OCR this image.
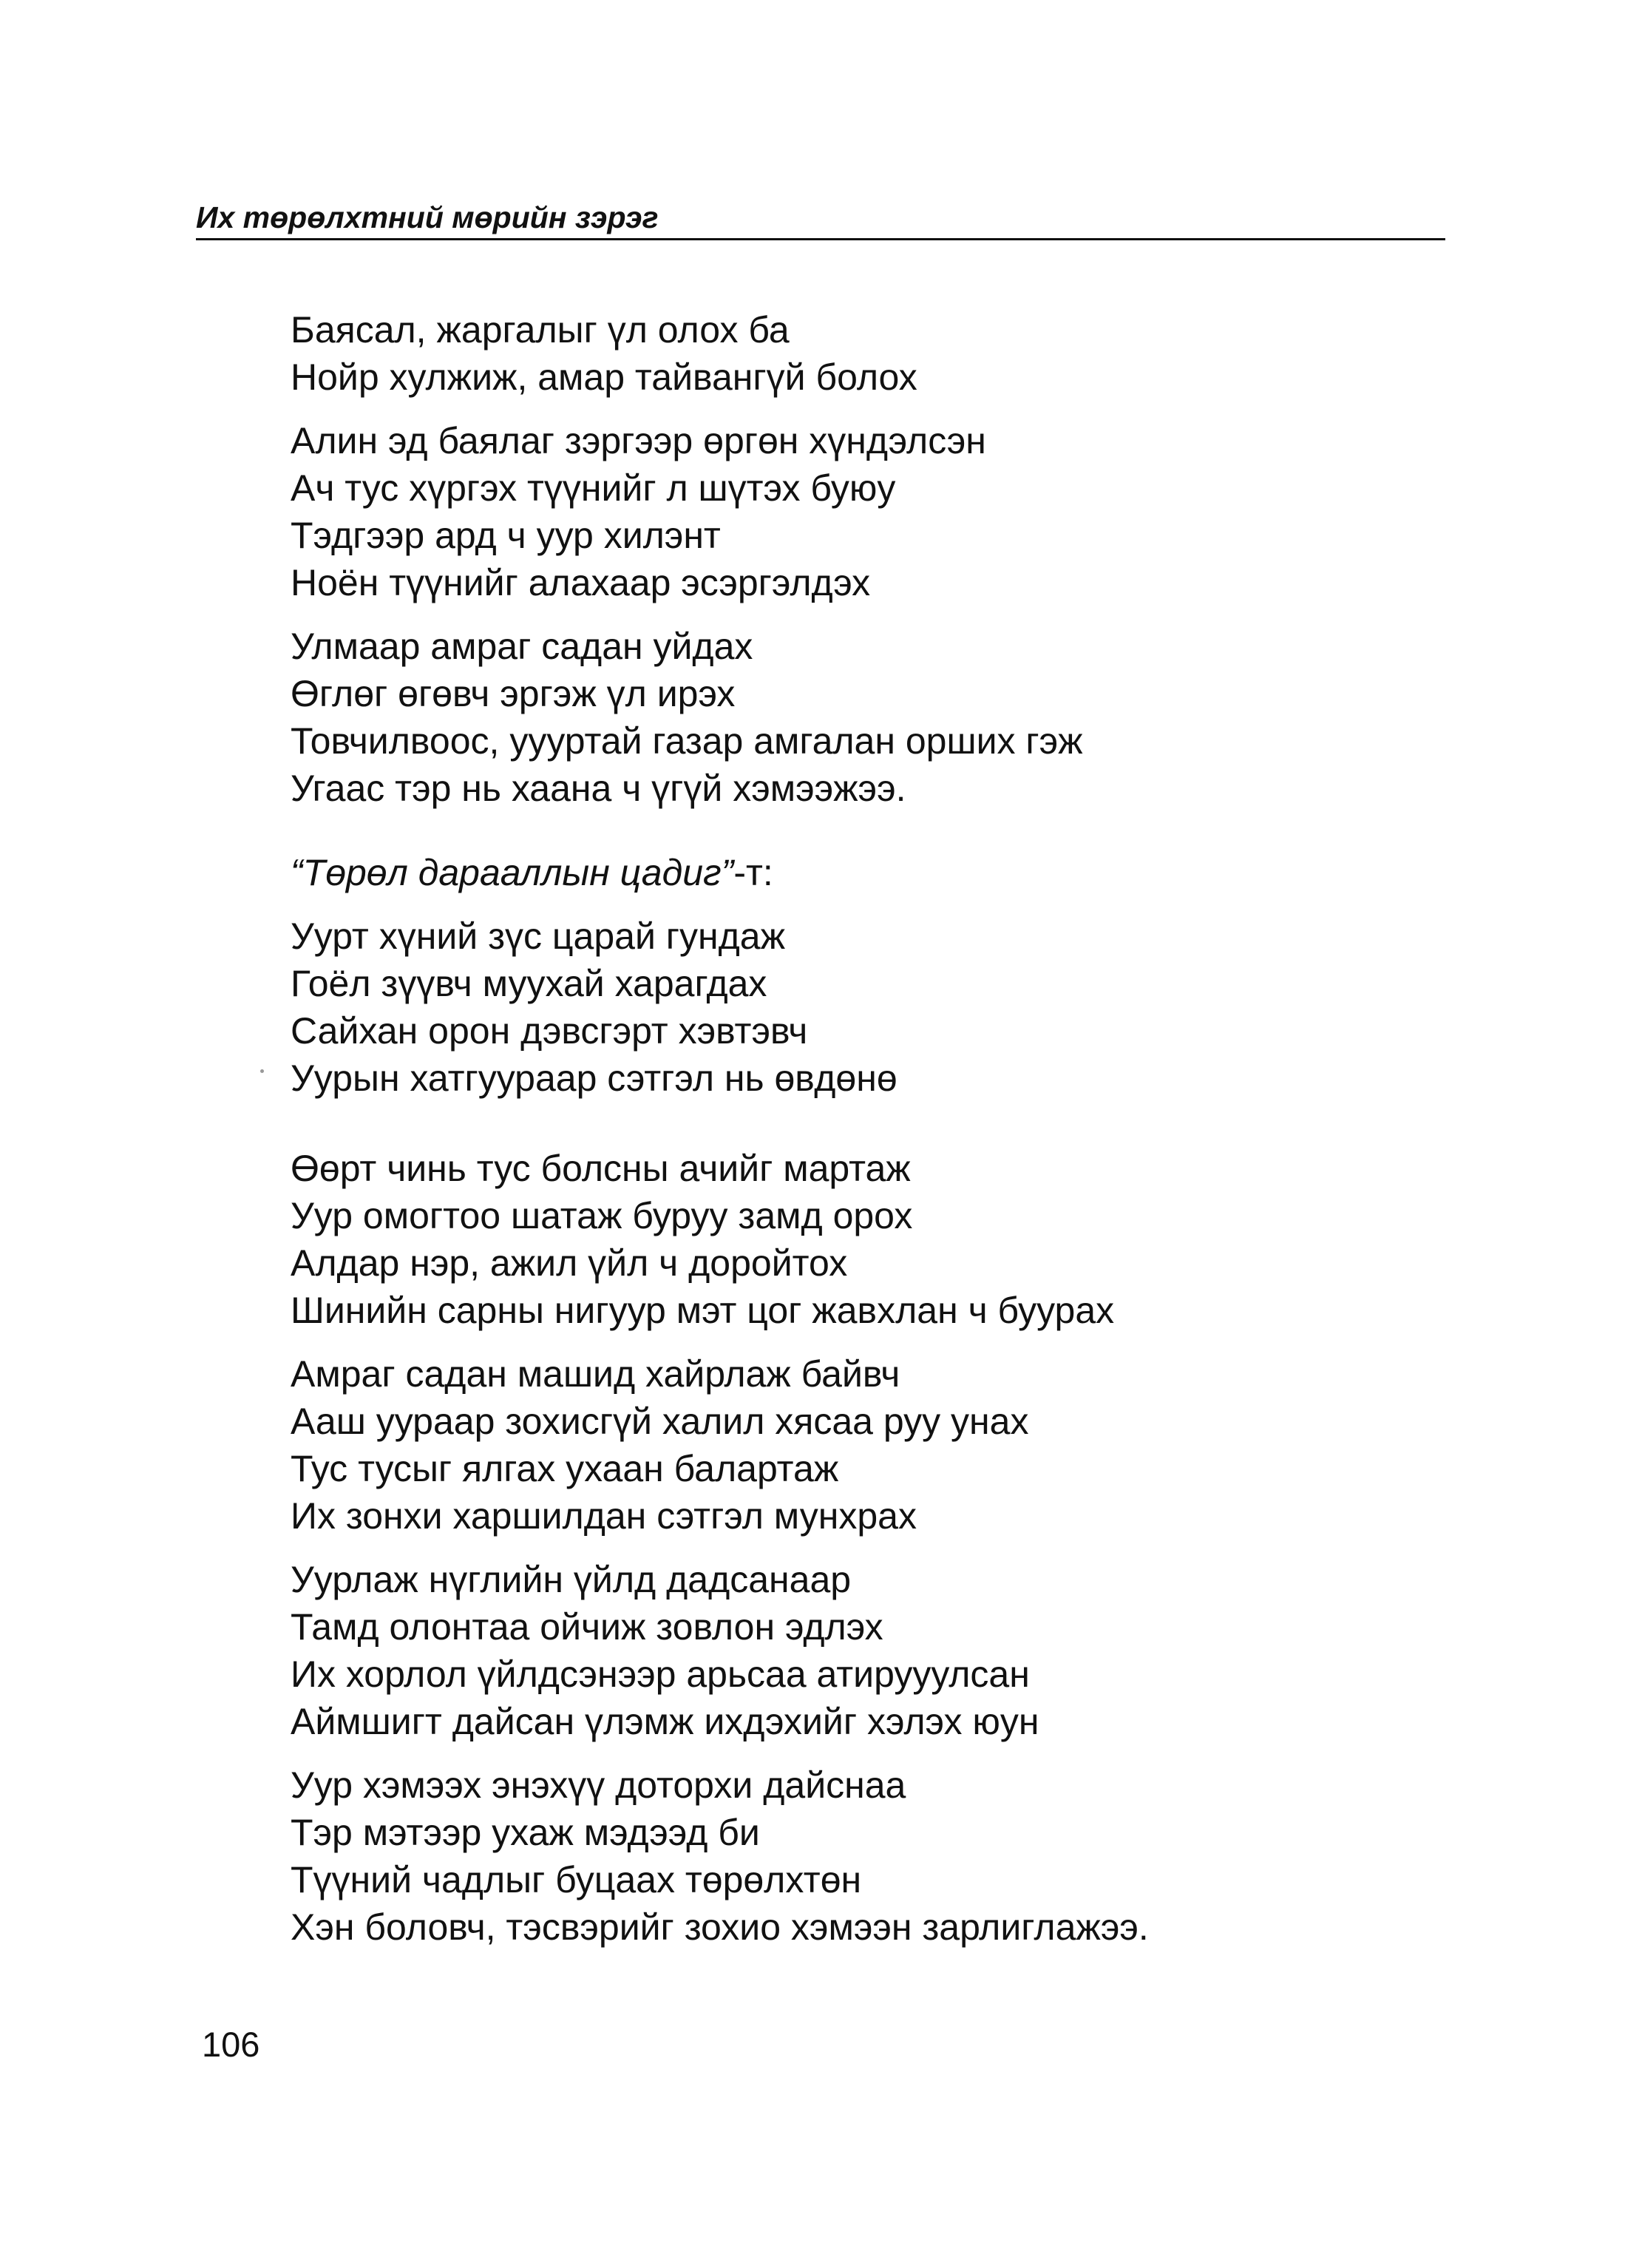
Их төрөлхтний мөрийн зэрэг
Баясал, жаргалыг үл олох ба
Нойр хулжиж, амар тайвангүй болох
Алин эд баялаг зэргээр өргөн хүндэлсэн
Ач тус хүргэх түүнийг л шүтэх буюу
Тэдгээр ард ч уур хилэнт
Ноён түүнийг алахаар эсэргэлдэх
Улмаар амраг садан уйдах
Өглөг өгөвч эргэж үл ирэх
Товчилвоос, уууртай газар амгалан орших гэж
Угаас тэр нь хаана ч үгүй хэмээжээ.
“Төрөл дарааллын цадиг”-т:
Уурт хүний зүс царай гундаж
Гоёл зүүвч муухай харагдах
Сайхан орон дэвсгэрт хэвтэвч
Уурын хатгуураар сэтгэл нь өвдөнө
Өөрт чинь тус болсны ачийг мартаж
Уур омогтоо шатаж буруу замд орох
Алдар нэр, ажил үйл ч доройтох
Шинийн сарны нигуур мэт цог жавхлан ч буурах
Амраг садан машид хайрлаж байвч
Ааш уураар зохисгүй халил хясаа руу унах
Тус тусыг ялгах ухаан балартаж
Их зонхи харшилдан сэтгэл мунхрах
Уурлаж нүглийн үйлд дадсанаар
Тамд олонтаа ойчиж зовлон эдлэх
Их хорлол үйлдсэнээр арьсаа атирууулсан
Аймшигт дайсан үлэмж ихдэхийг хэлэх юун
Уур хэмээх энэхүү доторхи дайснаа
Тэр мэтээр ухаж мэдээд би
Түүний чадлыг буцаах төрөлхтөн
Хэн боловч, тэсвэрийг зохио хэмээн зарлиглажээ.
106
